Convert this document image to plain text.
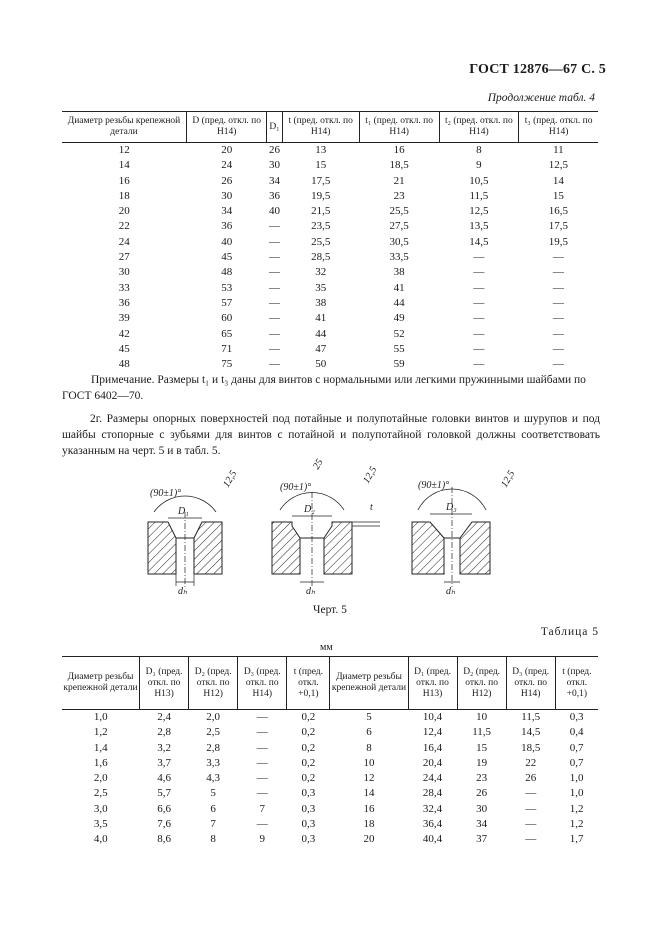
ГОСТ 12876—67 С. 5
Продолжение табл. 4
Диаметр резьбы крепежной детали	D (пред. откл. по H14)	D₁	t (пред. откл. по H14)	t₁ (пред. откл. по H14)	t₂ (пред. откл. по H14)	t₃ (пред. откл. по H14)
12	20	26	13	16	8	11
14	24	30	15	18,5	9	12,5
16	26	34	17,5	21	10,5	14
18	30	36	19,5	23	11,5	15
20	34	40	21,5	25,5	12,5	16,5
22	36	—	23,5	27,5	13,5	17,5
24	40	—	25,5	30,5	14,5	19,5
27	45	—	28,5	33,5	—	—
30	48	—	32	38	—	—
33	53	—	35	41	—	—
36	57	—	38	44	—	—
39	60	—	41	49	—	—
42	65	—	44	52	—	—
45	71	—	47	55	—	—
48	75	—	50	59	—	—
Примечание. Размеры t₁ и t₃ даны для винтов с нормальными или легкими пружинными шайбами по
ГОСТ 6402—70.
2г. Размеры опорных поверхностей под потайные и полупотайные головки винтов и шурупов и под шайбы стопорные с зубьями для винтов с потайной и полупотайной головкой должны соответствовать указанным на черт. 5 и в табл. 5.
(90±1)°
(90±1)°	(90±1)°
12,5	12,5	12,5
25
D₁	D₂	D₃
dₕ	dₕ	dₕ
t
Черт. 5
Таблица 5
мм
Диаметр резьбы крепежной детали	D₁ (пред. откл. по H13)	D₂ (пред. откл. по H12)	D₃ (пред. откл. по H14)	t (пред. откл. +0,1)	Диаметр резьбы крепежной детали	D₁ (пред. откл. по H13)	D₂ (пред. откл. по H12)	D₃ (пред. откл. по H14)	t (пред. откл. +0,1)
1,0	2,4	2,0	—	0,2	5	10,4	10	11,5	0,3
1,2	2,8	2,5	—	0,2	6	12,4	11,5	14,5	0,4
1,4	3,2	2,8	—	0,2	8	16,4	15	18,5	0,7
1,6	3,7	3,3	—	0,2	10	20,4	19	22	0,7
2,0	4,6	4,3	—	0,2	12	24,4	23	26	1,0
2,5	5,7	5	—	0,3	14	28,4	26	—	1,0
3,0	6,6	6	7	0,3	16	32,4	30	—	1,2
3,5	7,6	7	—	0,3	18	36,4	34	—	1,2
4,0	8,6	8	9	0,3	20	40,4	37	—	1,7
